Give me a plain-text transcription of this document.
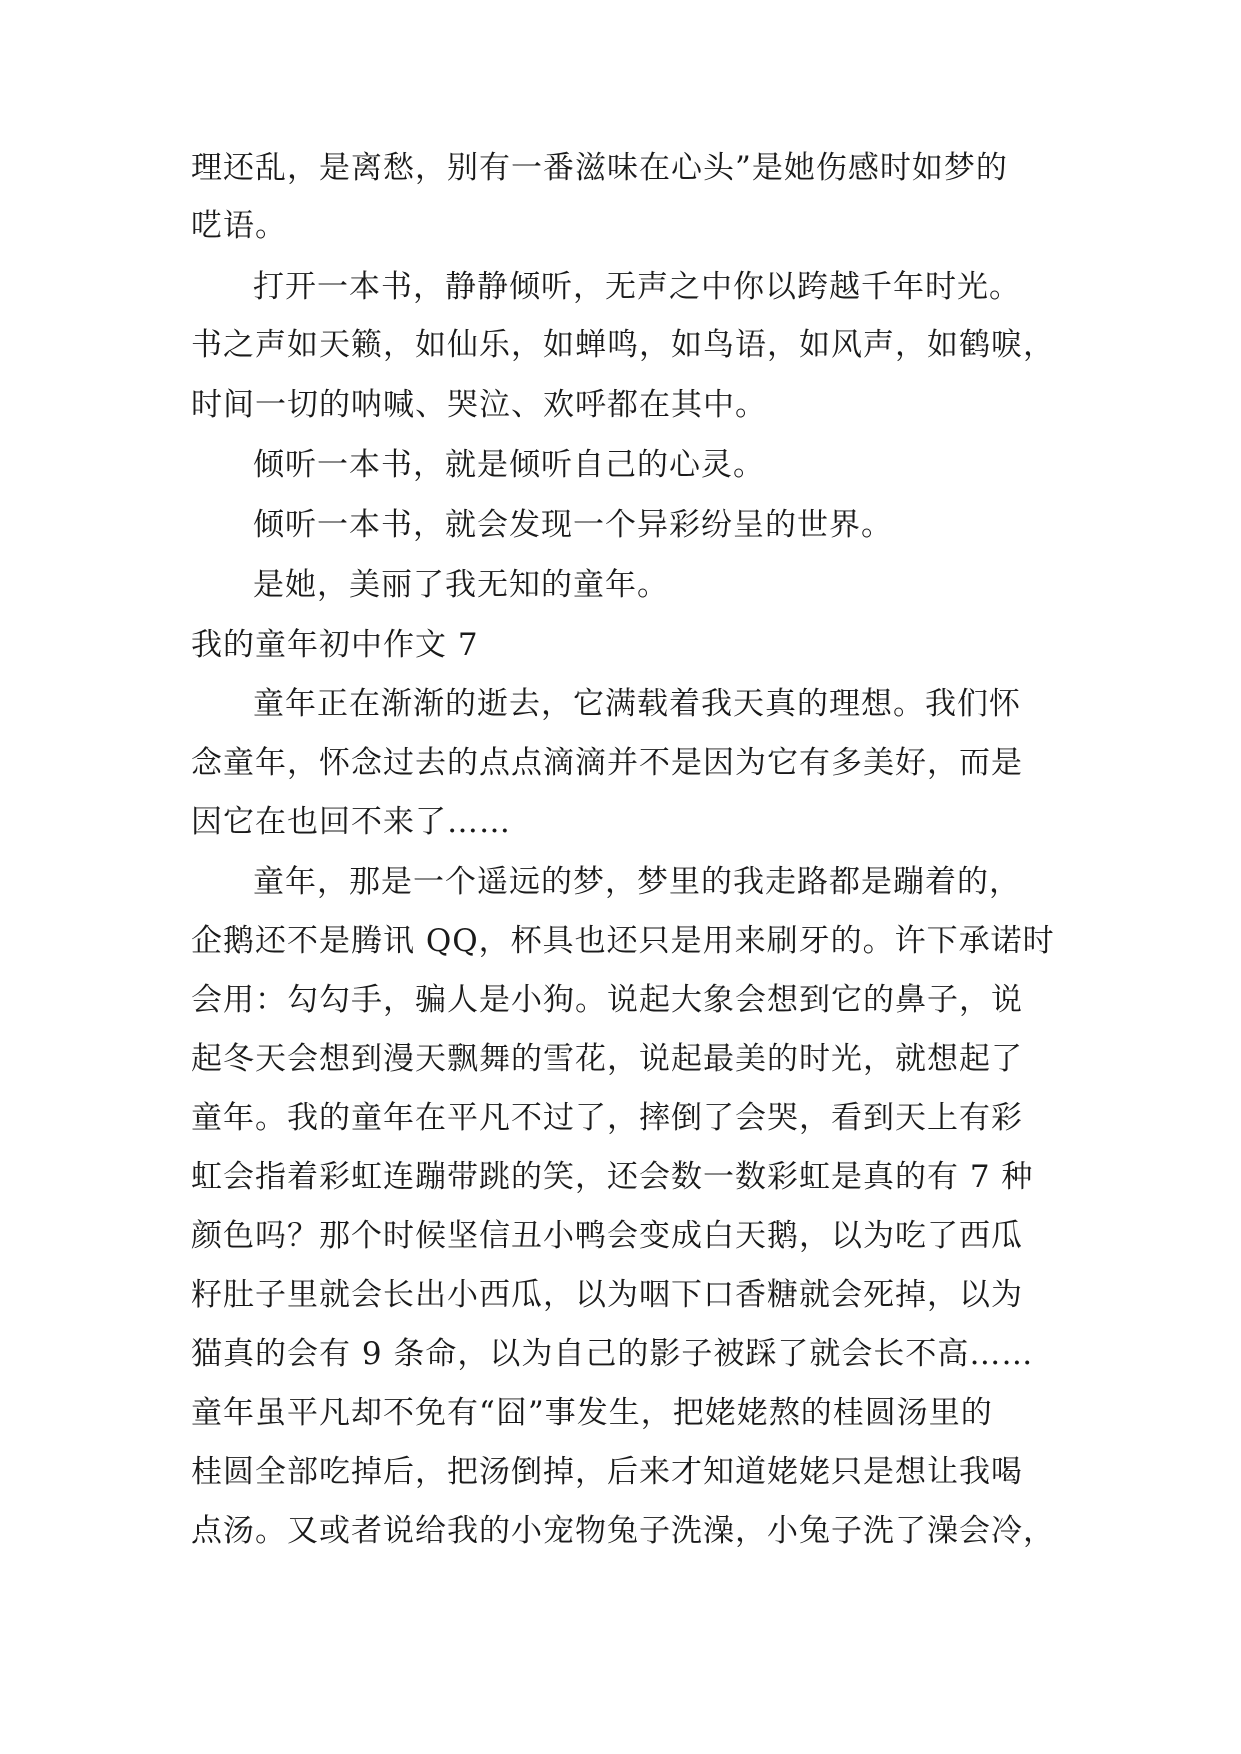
理还乱，是离愁，别有一番滋味在心头”是她伤感时如梦的
呓语。
打开一本书，静静倾听，无声之中你以跨越千年时光。
书之声如天籁，如仙乐，如蝉鸣，如鸟语，如风声，如鹤唳，
时间一切的呐喊、哭泣、欢呼都在其中。
倾听一本书，就是倾听自己的心灵。
倾听一本书，就会发现一个异彩纷呈的世界。
是她，美丽了我无知的童年。
我的童年初中作文 7
童年正在渐渐的逝去，它满载着我天真的理想。我们怀
念童年，怀念过去的点点滴滴并不是因为它有多美好，而是
因它在也回不来了……
童年，那是一个遥远的梦，梦里的我走路都是蹦着的，
企鹅还不是腾讯 QQ，杯具也还只是用来刷牙的。许下承诺时
会用：勾勾手，骗人是小狗。说起大象会想到它的鼻子，说
起冬天会想到漫天飘舞的雪花，说起最美的时光，就想起了
童年。我的童年在平凡不过了，摔倒了会哭，看到天上有彩
虹会指着彩虹连蹦带跳的笑，还会数一数彩虹是真的有 7 种
颜色吗？那个时候坚信丑小鸭会变成白天鹅，以为吃了西瓜
籽肚子里就会长出小西瓜，以为咽下口香糖就会死掉，以为
猫真的会有 9 条命，以为自己的影子被踩了就会长不高……
童年虽平凡却不免有“囧”事发生，把姥姥熬的桂圆汤里的
桂圆全部吃掉后，把汤倒掉，后来才知道姥姥只是想让我喝
点汤。又或者说给我的小宠物兔子洗澡，小兔子洗了澡会冷，
